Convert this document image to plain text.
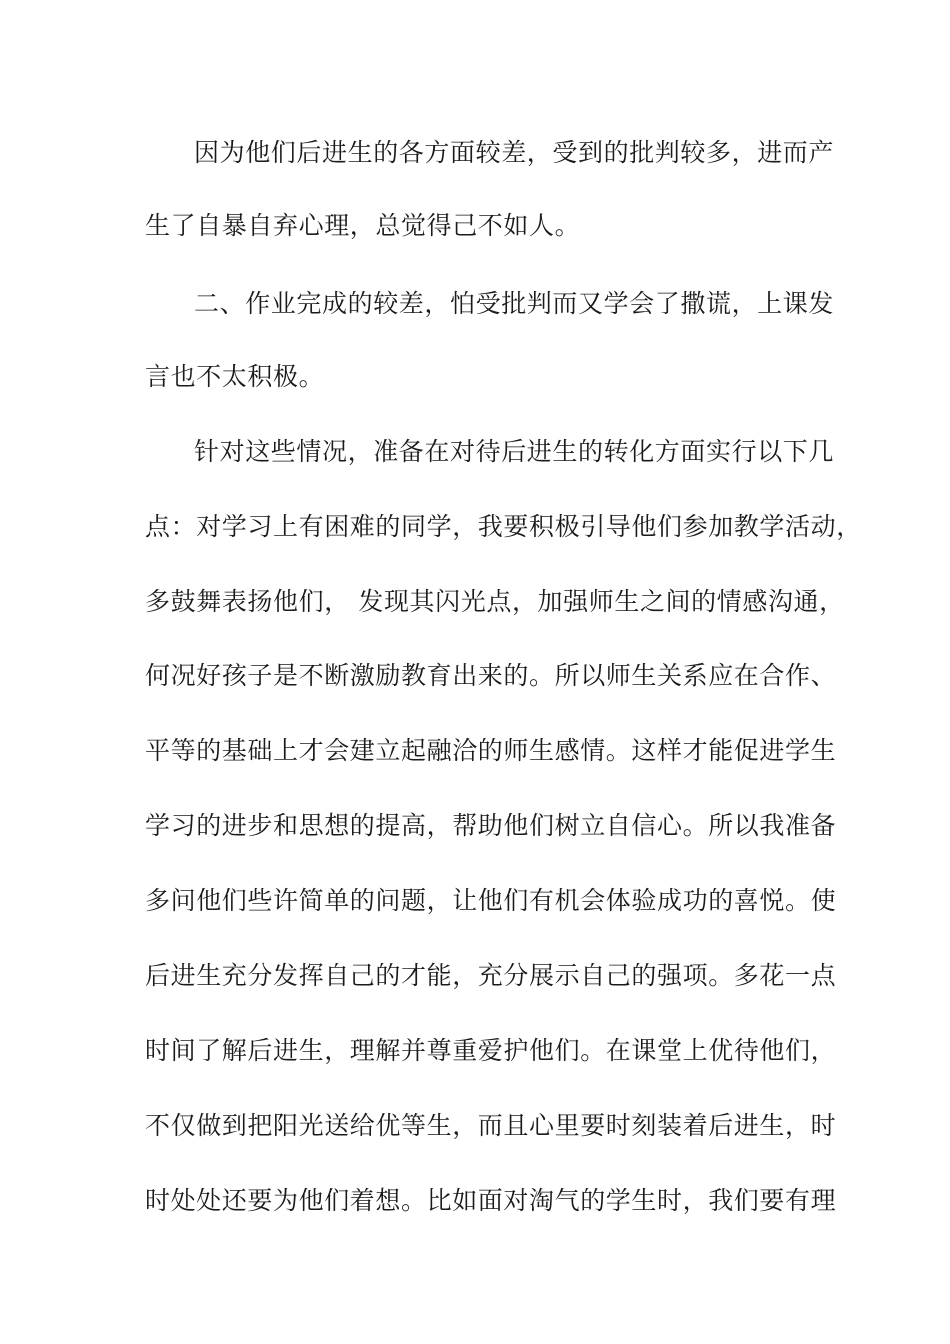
因为他们后进生的各方面较差，受到的批判较多，进而产
生了自暴自弃心理，总觉得己不如人。
二、作业完成的较差，怕受批判而又学会了撒谎，上课发
言也不太积极。
针对这些情况，准备在对待后进生的转化方面实行以下几
点：对学习上有困难的同学，我要积极引导他们参加教学活动，
多鼓舞表扬他们， 发现其闪光点，加强师生之间的情感沟通，
何况好孩子是不断激励教育出来的。所以师生关系应在合作、
平等的基础上才会建立起融洽的师生感情。这样才能促进学生
学习的进步和思想的提高，帮助他们树立自信心。所以我准备
多问他们些许简单的问题，让他们有机会体验成功的喜悦。使
后进生充分发挥自己的才能，充分展示自己的强项。多花一点
时间了解后进生，理解并尊重爱护他们。在课堂上优待他们，
不仅做到把阳光送给优等生，而且心里要时刻装着后进生，时
时处处还要为他们着想。比如面对淘气的学生时，我们要有理
